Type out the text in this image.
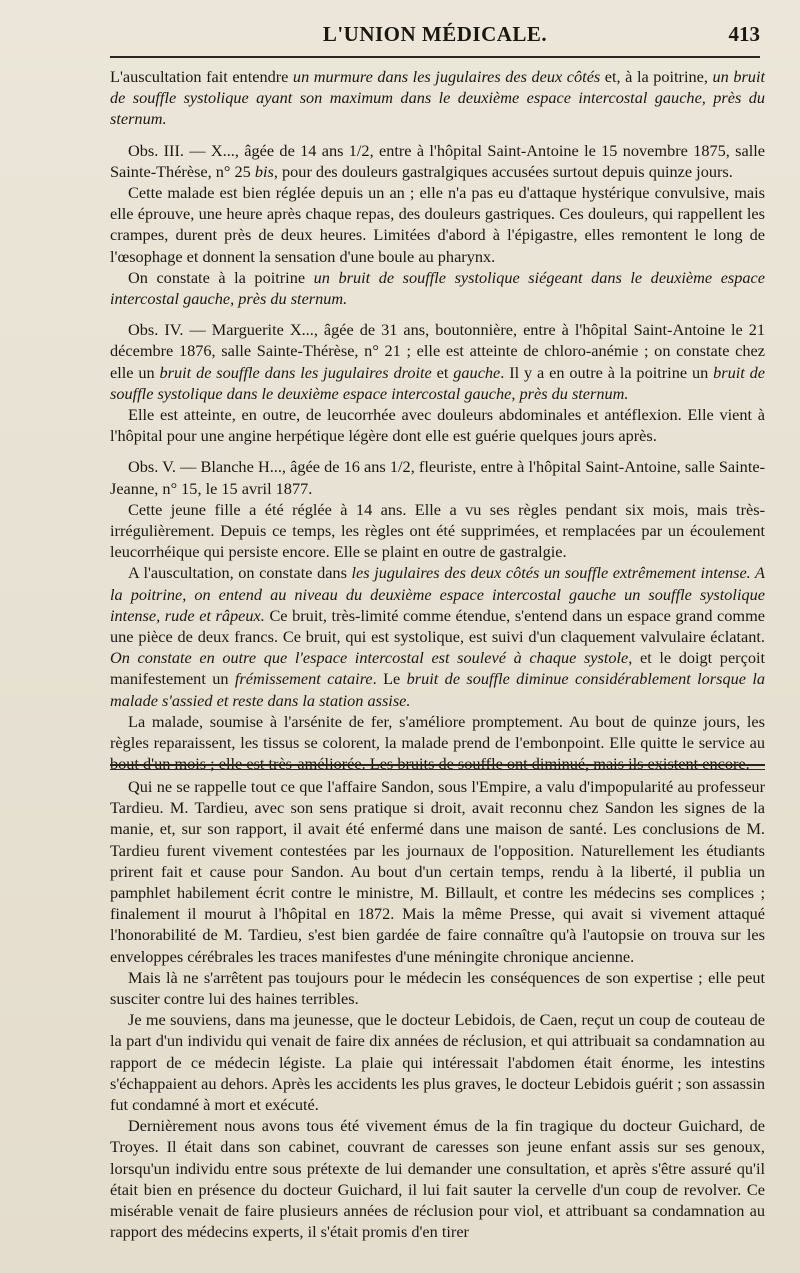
L'UNION MÉDICALE.	413

L'auscultation fait entendre un murmure dans les jugulaires des deux côtés et, à la poitrine, un bruit de souffle systolique ayant son maximum dans le deuxième espace intercostal gauche, près du sternum.

Obs. III. — X..., âgée de 14 ans 1/2, entre à l'hôpital Saint-Antoine le 15 novembre 1875, salle Sainte-Thérèse, n° 25 bis, pour des douleurs gastralgiques accusées surtout depuis quinze jours.

Cette malade est bien réglée depuis un an ; elle n'a pas eu d'attaque hystérique convulsive, mais elle éprouve, une heure après chaque repas, des douleurs gastriques. Ces douleurs, qui rappellent les crampes, durent près de deux heures. Limitées d'abord à l'épigastre, elles remontent le long de l'œsophage et donnent la sensation d'une boule au pharynx.

On constate à la poitrine un bruit de souffle systolique siégeant dans le deuxième espace intercostal gauche, près du sternum.

Obs. IV. — Marguerite X..., âgée de 31 ans, boutonnière, entre à l'hôpital Saint-Antoine le 21 décembre 1876, salle Sainte-Thérèse, n° 21 ; elle est atteinte de chloro-anémie ; on constate chez elle un bruit de souffle dans les jugulaires droite et gauche. Il y a en outre à la poitrine un bruit de souffle systolique dans le deuxième espace intercostal gauche, près du sternum.

Elle est atteinte, en outre, de leucorrhée avec douleurs abdominales et antéflexion. Elle vient à l'hôpital pour une angine herpétique légère dont elle est guérie quelques jours après.

Obs. V. — Blanche H..., âgée de 16 ans 1/2, fleuriste, entre à l'hôpital Saint-Antoine, salle Sainte-Jeanne, n° 15, le 15 avril 1877.

Cette jeune fille a été réglée à 14 ans. Elle a vu ses règles pendant six mois, mais très-irrégulièrement. Depuis ce temps, les règles ont été supprimées, et remplacées par un écoulement leucorrhéique qui persiste encore. Elle se plaint en outre de gastralgie.

A l'auscultation, on constate dans les jugulaires des deux côtés un souffle extrêmement intense. A la poitrine, on entend au niveau du deuxième espace intercostal gauche un souffle systolique intense, rude et râpeux. Ce bruit, très-limité comme étendue, s'entend dans un espace grand comme une pièce de deux francs. Ce bruit, qui est systolique, est suivi d'un claquement valvulaire éclatant. On constate en outre que l'espace intercostal est soulevé à chaque systole, et le doigt perçoit manifestement un frémissement cataire. Le bruit de souffle diminue considérablement lorsque la malade s'assied et reste dans la station assise.

La malade, soumise à l'arsénite de fer, s'améliore promptement. Au bout de quinze jours, les règles reparaissent, les tissus se colorent, la malade prend de l'embonpoint. Elle quitte le service au bout d'un mois ; elle est très-améliorée. Les bruits de souffle ont diminué, mais ils existent encore.

Qui ne se rappelle tout ce que l'affaire Sandon, sous l'Empire, a valu d'impopularité au professeur Tardieu. M. Tardieu, avec son sens pratique si droit, avait reconnu chez Sandon les signes de la manie, et, sur son rapport, il avait été enfermé dans une maison de santé. Les conclusions de M. Tardieu furent vivement contestées par les journaux de l'opposition. Naturellement les étudiants prirent fait et cause pour Sandon. Au bout d'un certain temps, rendu à la liberté, il publia un pamphlet habilement écrit contre le ministre, M. Billault, et contre les médecins ses complices ; finalement il mourut à l'hôpital en 1872. Mais la même Presse, qui avait si vivement attaqué l'honorabilité de M. Tardieu, s'est bien gardée de faire connaître qu'à l'autopsie on trouva sur les enveloppes cérébrales les traces manifestes d'une méningite chronique ancienne.

Mais là ne s'arrêtent pas toujours pour le médecin les conséquences de son expertise ; elle peut susciter contre lui des haines terribles.

Je me souviens, dans ma jeunesse, que le docteur Lebidois, de Caen, reçut un coup de couteau de la part d'un individu qui venait de faire dix années de réclusion, et qui attribuait sa condamnation au rapport de ce médecin légiste. La plaie qui intéressait l'abdomen était énorme, les intestins s'échappaient au dehors. Après les accidents les plus graves, le docteur Lebidois guérit ; son assassin fut condamné à mort et exécuté.

Dernièrement nous avons tous été vivement émus de la fin tragique du docteur Guichard, de Troyes. Il était dans son cabinet, couvrant de caresses son jeune enfant assis sur ses genoux, lorsqu'un individu entre sous prétexte de lui demander une consultation, et après s'être assuré qu'il était bien en présence du docteur Guichard, il lui fait sauter la cervelle d'un coup de revolver. Ce misérable venait de faire plusieurs années de réclusion pour viol, et attribuant sa condamnation au rapport des médecins experts, il s'était promis d'en tirer
